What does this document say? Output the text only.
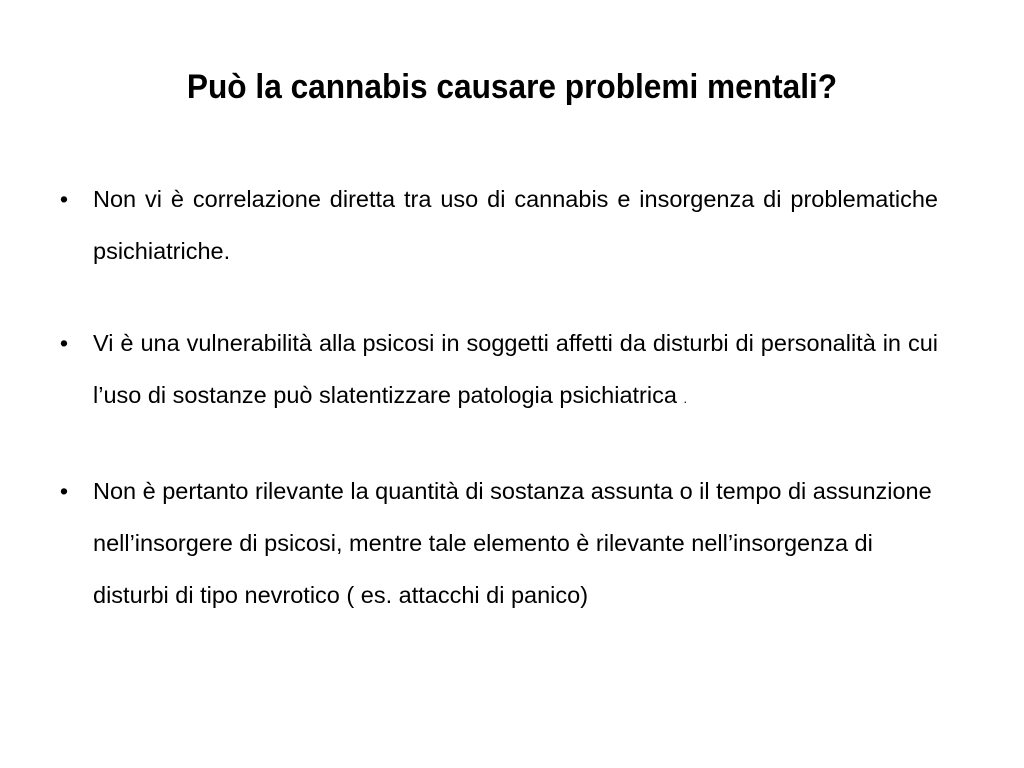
Può la cannabis causare problemi mentali?
• Non vi è correlazione diretta tra uso di cannabis e insorgenza di problematiche psichiatriche.
• Vi è una vulnerabilità alla psicosi in soggetti affetti da disturbi di personalità in cui l’uso di sostanze può slatentizzare patologia psichiatrica .
• Non è pertanto rilevante la quantità di sostanza assunta o il tempo di assunzione nell’insorgere di psicosi, mentre tale elemento è rilevante nell’insorgenza di disturbi di tipo nevrotico ( es. attacchi di panico)
